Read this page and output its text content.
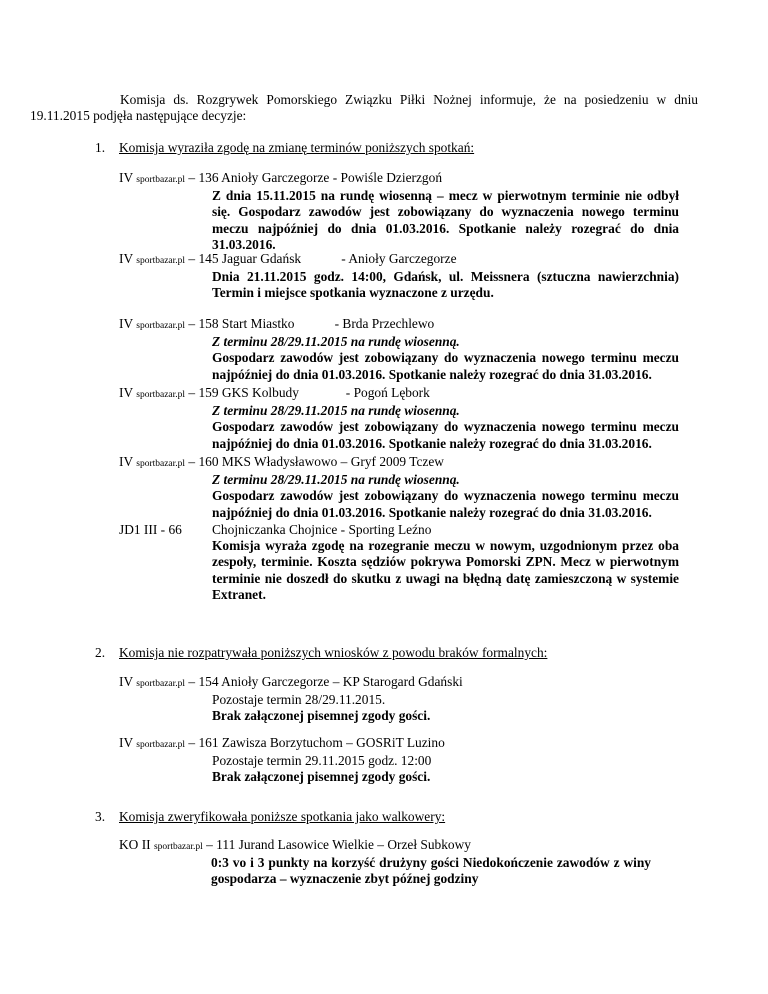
Komisja ds. Rozgrywek Pomorskiego Związku Piłki Nożnej informuje, że na posiedzeniu w dniu 19.11.2015 podjęła następujące decyzje:
1.	Komisja wyraziła zgodę na zmianę terminów poniższych spotkań:
IV sportbazar.pl – 136 Anioły Garczegorze - Powiśle Dzierzgoń
Z dnia 15.11.2015 na rundę wiosenną – mecz w pierwotnym terminie nie odbył się. Gospodarz zawodów jest zobowiązany do wyznaczenia nowego terminu meczu najpóźniej do dnia 01.03.2016. Spotkanie należy rozegrać do dnia 31.03.2016.
IV sportbazar.pl – 145 Jaguar Gdańsk            - Anioły Garczegorze
Dnia 21.11.2015 godz. 14:00, Gdańsk, ul. Meissnera (sztuczna nawierzchnia) Termin i miejsce spotkania wyznaczone z urzędu.
IV sportbazar.pl – 158 Start Miastko            - Brda Przechlewo
Z terminu 28/29.11.2015 na rundę wiosenną.
Gospodarz zawodów jest zobowiązany do wyznaczenia nowego terminu meczu najpóźniej do dnia 01.03.2016. Spotkanie należy rozegrać do dnia 31.03.2016.
IV sportbazar.pl – 159 GKS Kolbudy              - Pogoń Lębork
Z terminu 28/29.11.2015 na rundę wiosenną.
Gospodarz zawodów jest zobowiązany do wyznaczenia nowego terminu meczu najpóźniej do dnia 01.03.2016. Spotkanie należy rozegrać do dnia 31.03.2016.
IV sportbazar.pl – 160 MKS Władysławowo – Gryf 2009 Tczew
Z terminu 28/29.11.2015 na rundę wiosenną.
Gospodarz zawodów jest zobowiązany do wyznaczenia nowego terminu meczu najpóźniej do dnia 01.03.2016. Spotkanie należy rozegrać do dnia 31.03.2016.
JD1 III - 66 Chojniczanka Chojnice - Sporting Leźno
Komisja wyraża zgodę na rozegranie meczu w nowym, uzgodnionym przez oba zespoły, terminie. Koszta sędziów pokrywa Pomorski ZPN. Mecz w pierwotnym terminie nie doszedł do skutku z uwagi na błędną datę zamieszczoną w systemie Extranet.
2.	Komisja nie rozpatrywała poniższych wniosków z powodu braków formalnych:
IV sportbazar.pl – 154 Anioły Garczegorze – KP Starogard Gdański
Pozostaje termin 28/29.11.2015.
Brak załączonej pisemnej zgody gości.
IV sportbazar.pl – 161 Zawisza Borzytuchom – GOSRiT Luzino
Pozostaje termin 29.11.2015 godz. 12:00
Brak załączonej pisemnej zgody gości.
3.	Komisja zweryfikowała poniższe spotkania jako walkowery:
KO II sportbazar.pl – 111 Jurand Lasowice Wielkie – Orzeł Subkowy
0:3 vo i 3 punkty na korzyść drużyny gości Niedokończenie zawodów z winy gospodarza – wyznaczenie zbyt późnej godziny
